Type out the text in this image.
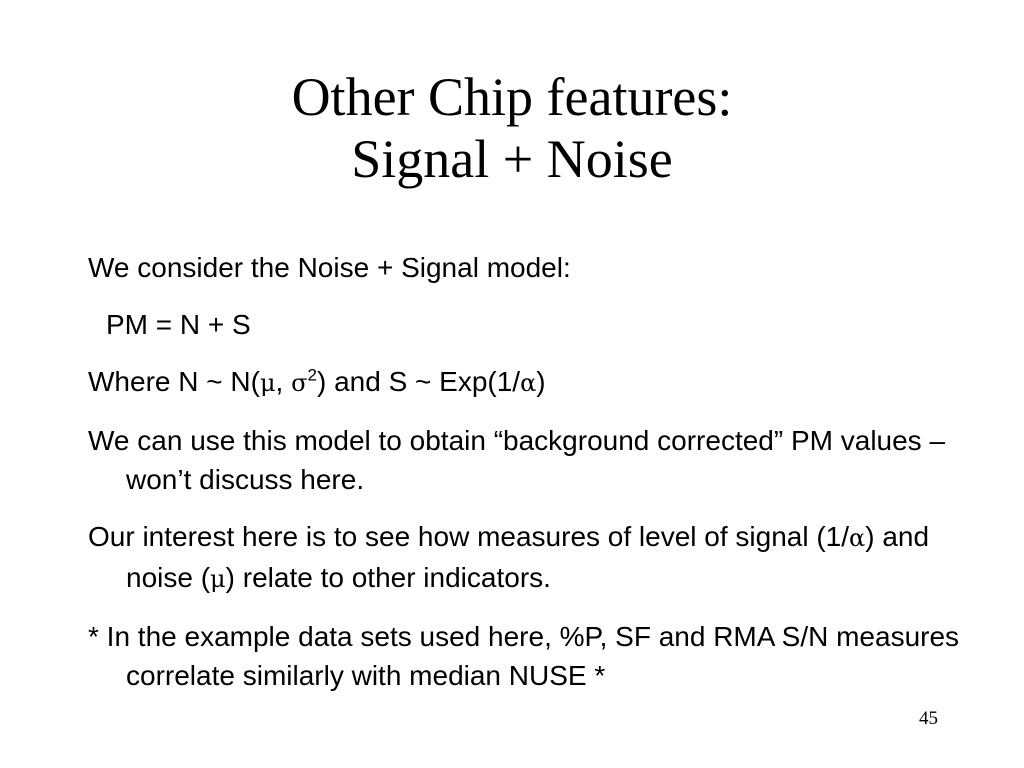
Other Chip features:
Signal + Noise

We consider the Noise + Signal model:

PM = N + S

Where N ~ N(μ, $\sigma^2$) and S ~ Exp(1/α)

We can use this model to obtain “background corrected” PM values – won’t discuss here.

Our interest here is to see how measures of level of signal (1/α) and noise (μ) relate to other indicators.

* In the example data sets used here, %P, SF and RMA S/N measures correlate similarly with median NUSE *

45
